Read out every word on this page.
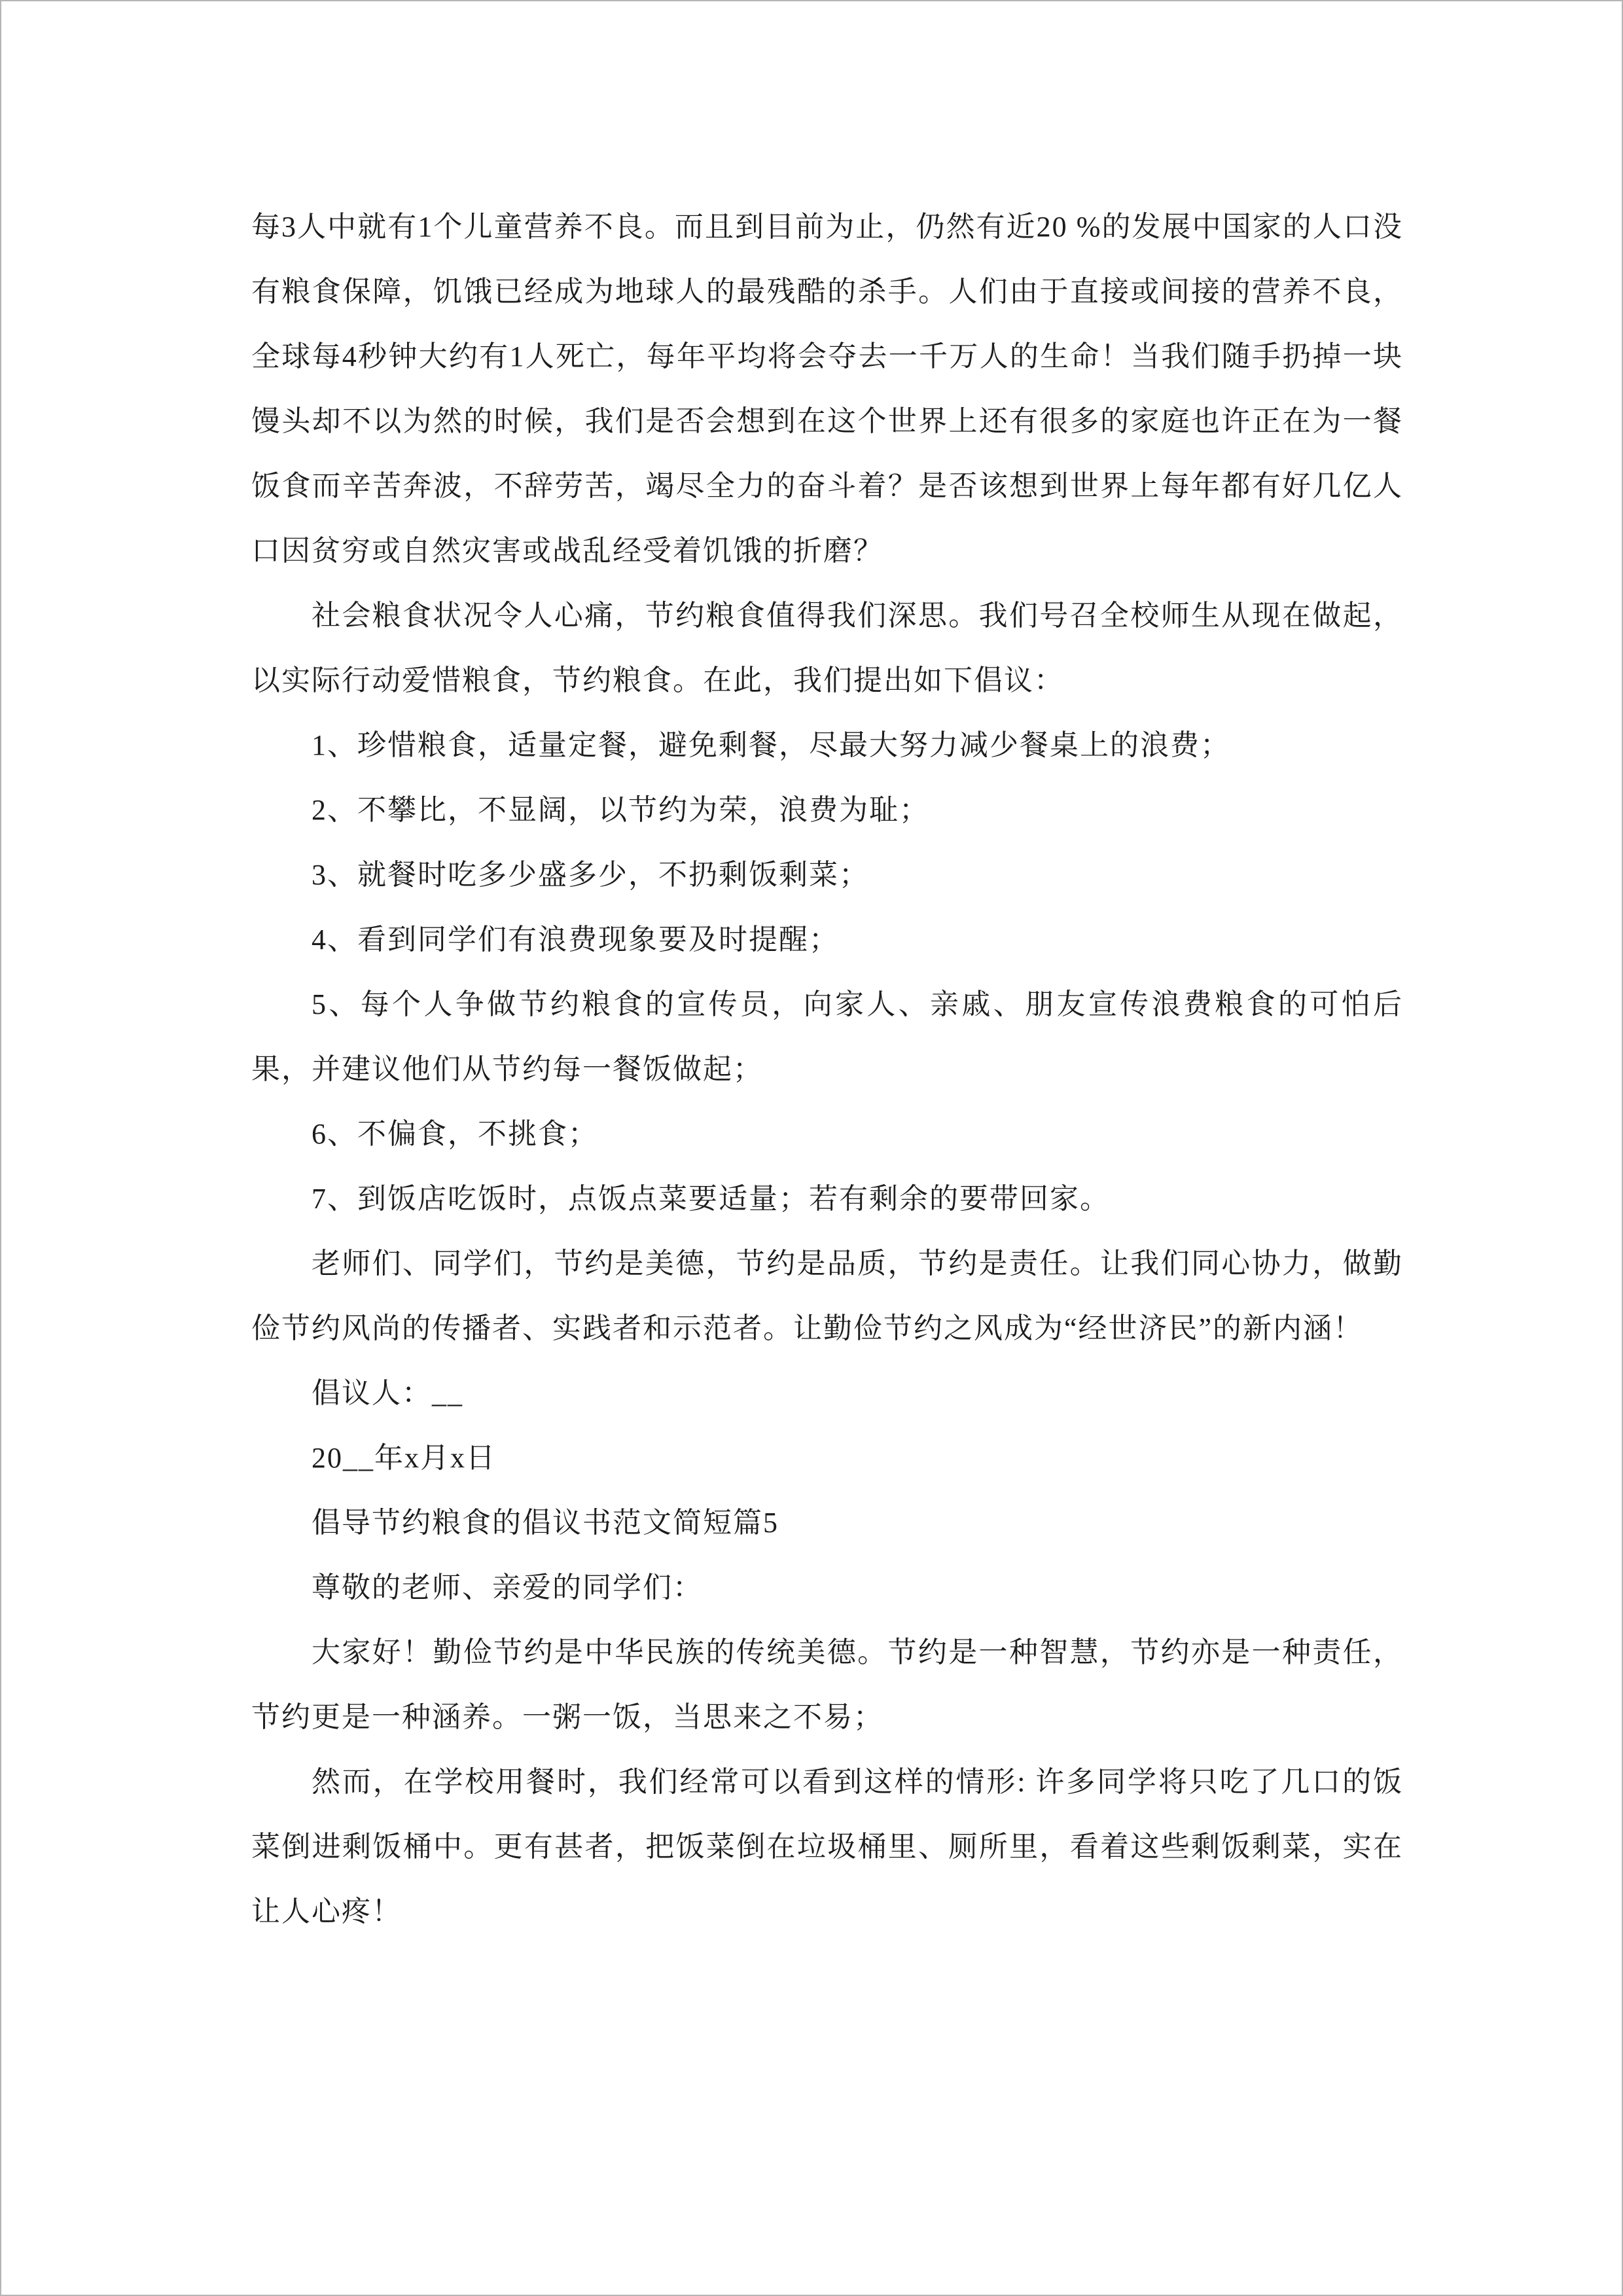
每3人中就有1个儿童营养不良。而且到目前为止，仍然有近20 %的发展中国家的人口没有粮食保障，饥饿已经成为地球人的最残酷的杀手。人们由于直接或间接的营养不良，全球每4秒钟大约有1人死亡，每年平均将会夺去一千万人的生命！当我们随手扔掉一块馒头却不以为然的时候，我们是否会想到在这个世界上还有很多的家庭也许正在为一餐饭食而辛苦奔波，不辞劳苦，竭尽全力的奋斗着？是否该想到世界上每年都有好几亿人口因贫穷或自然灾害或战乱经受着饥饿的折磨？

社会粮食状况令人心痛，节约粮食值得我们深思。我们号召全校师生从现在做起，以实际行动爱惜粮食，节约粮食。在此，我们提出如下倡议：

1、珍惜粮食，适量定餐，避免剩餐，尽最大努力减少餐桌上的浪费；

2、不攀比，不显阔，以节约为荣，浪费为耻；

3、就餐时吃多少盛多少，不扔剩饭剩菜；

4、看到同学们有浪费现象要及时提醒；

5、每个人争做节约粮食的宣传员，向家人、亲戚、朋友宣传浪费粮食的可怕后果，并建议他们从节约每一餐饭做起；

6、不偏食，不挑食；

7、到饭店吃饭时，点饭点菜要适量；若有剩余的要带回家。

老师们、同学们，节约是美德，节约是品质，节约是责任。让我们同心协力，做勤俭节约风尚的传播者、实践者和示范者。让勤俭节约之风成为“经世济民”的新内涵！

倡议人：__

20__年x月x日

倡导节约粮食的倡议书范文简短篇5

尊敬的老师、亲爱的同学们：

大家好！勤俭节约是中华民族的传统美德。节约是一种智慧，节约亦是一种责任，节约更是一种涵养。一粥一饭，当思来之不易；

然而，在学校用餐时，我们经常可以看到这样的情形: 许多同学将只吃了几口的饭菜倒进剩饭桶中。更有甚者，把饭菜倒在垃圾桶里、厕所里，看着这些剩饭剩菜，实在让人心疼！
